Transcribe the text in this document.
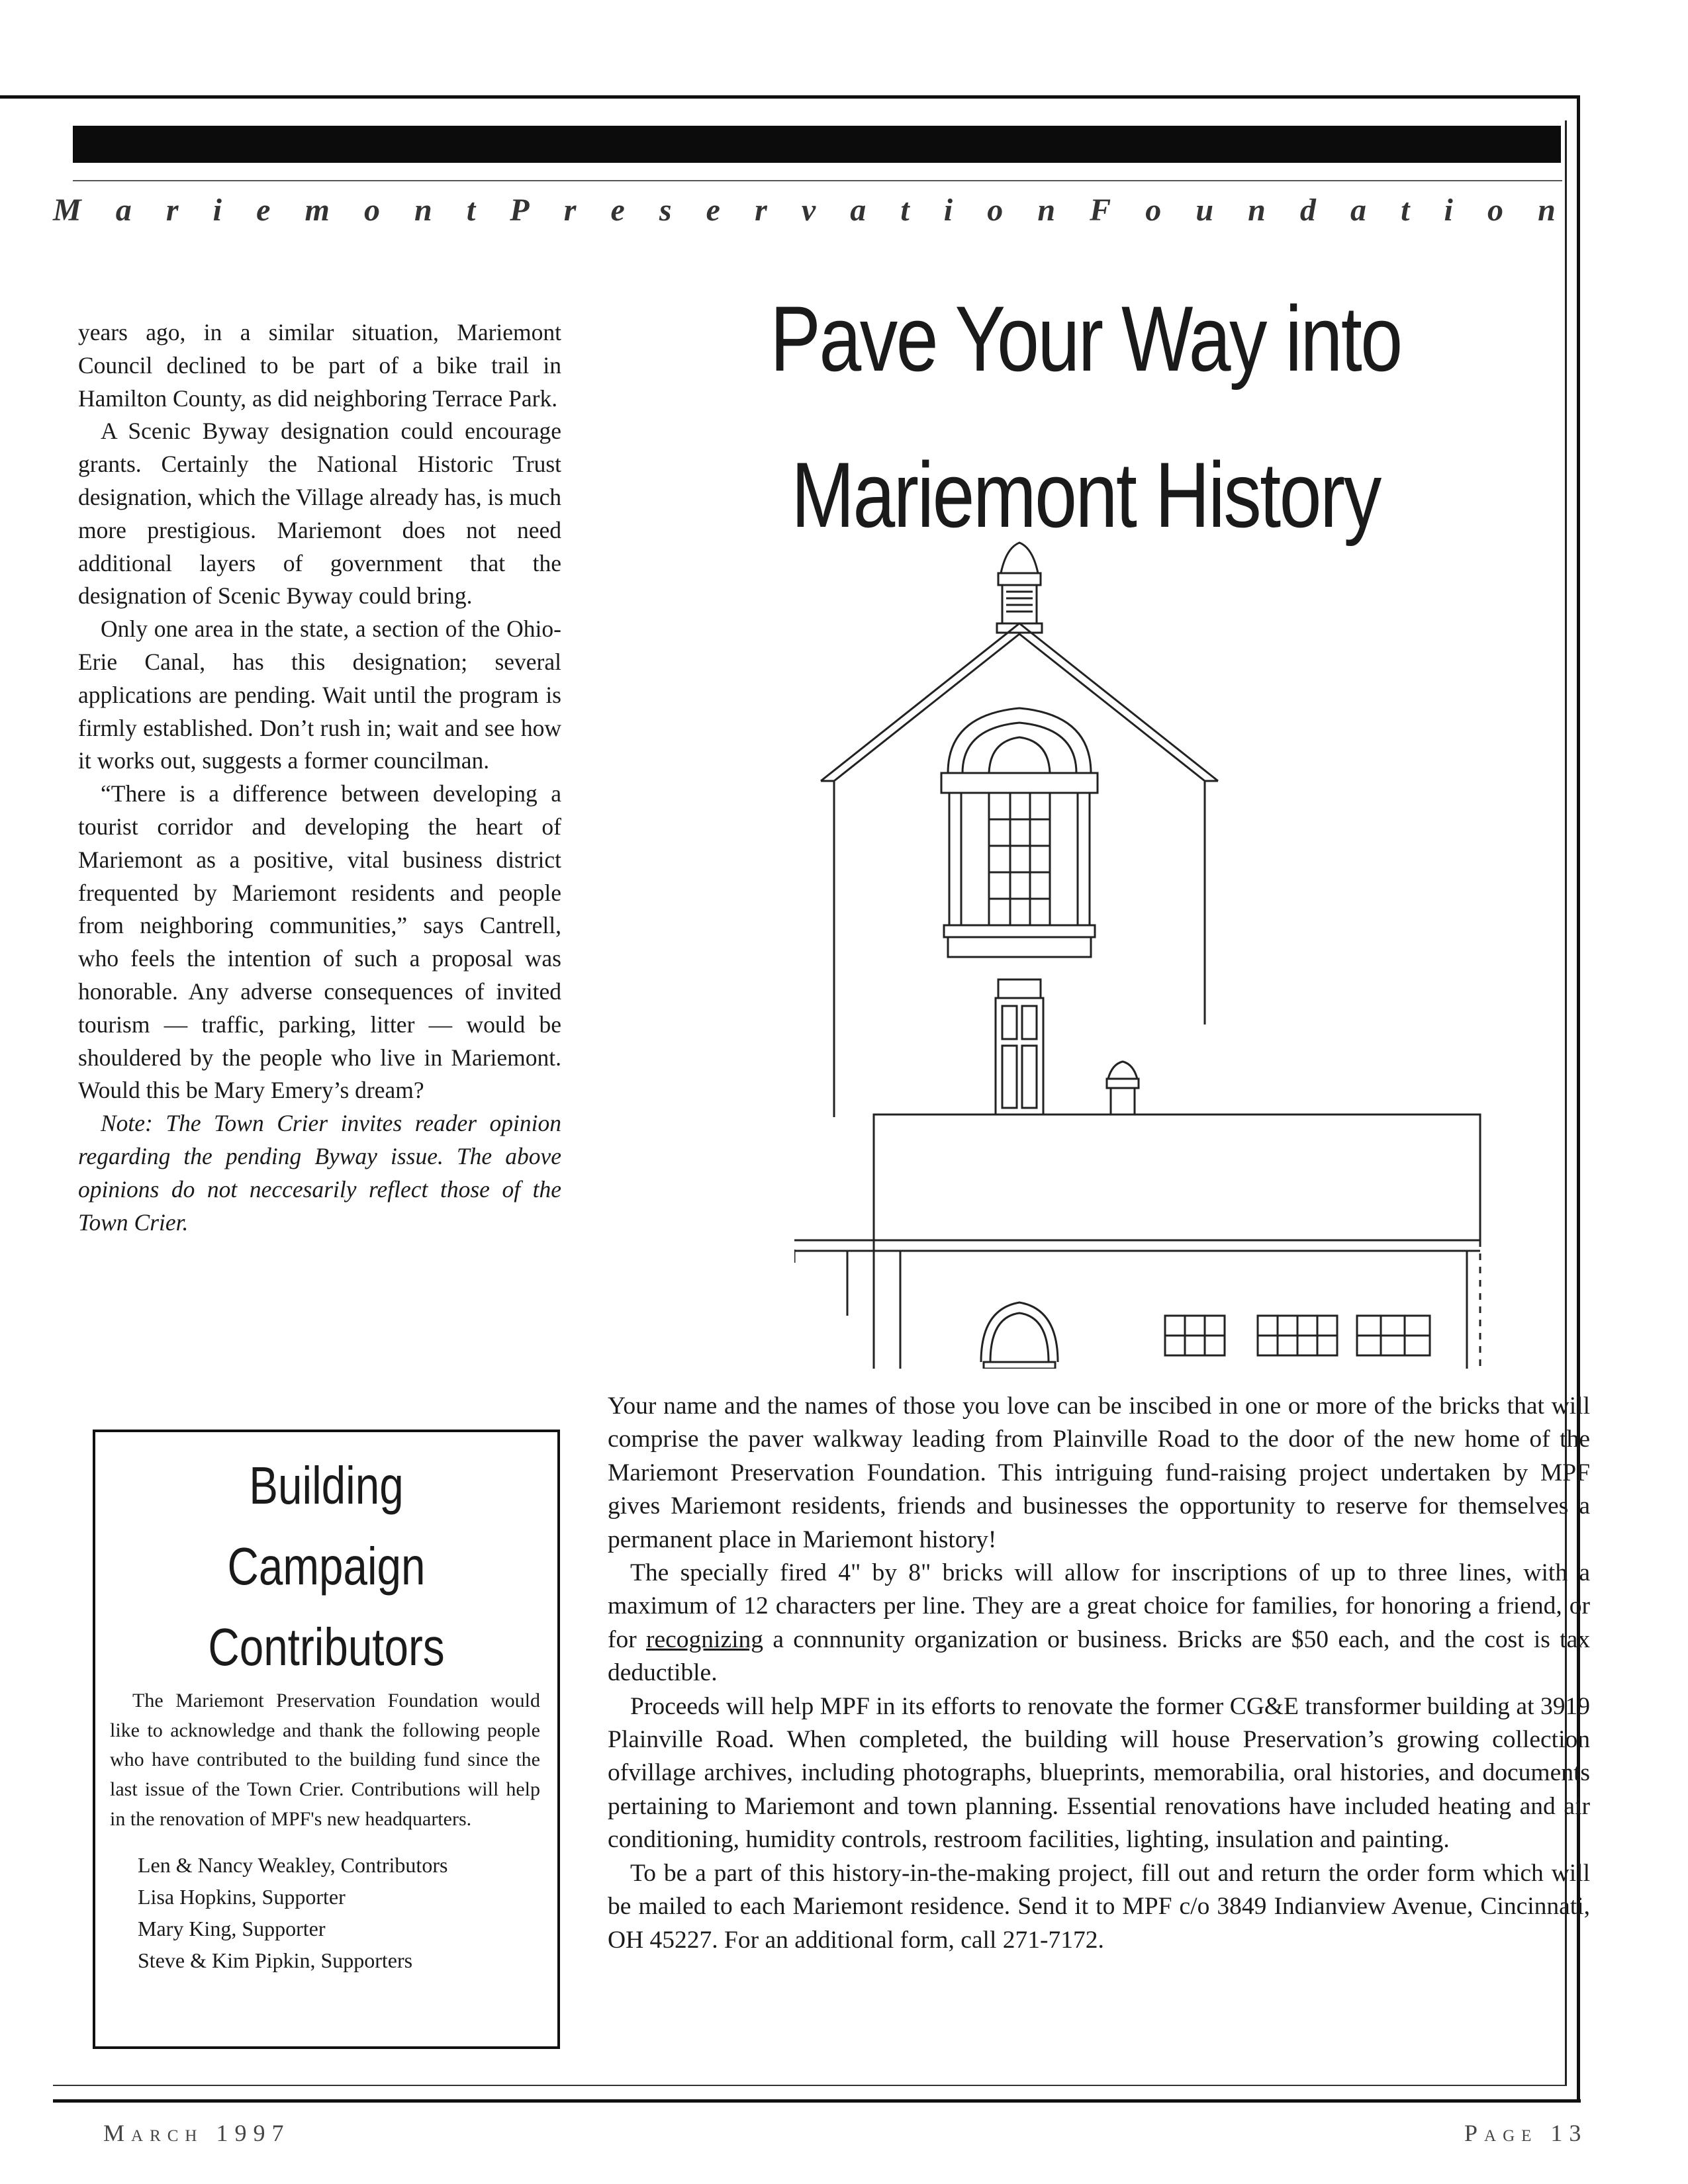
M a r i e m o n t P r e s e r v a t i o n F o u n d a t i o n

years ago, in a similar situation, Mariemont Council declined to be part of a bike trail in Hamilton County, as did neighboring Terrace Park.

A Scenic Byway designation could encourage grants. Certainly the National Historic Trust designation, which the Village already has, is much more prestigious. Mariemont does not need additional layers of government that the designation of Scenic Byway could bring.

Only one area in the state, a section of the Ohio-Erie Canal, has this designation; several applications are pending. Wait until the program is firmly established. Don’t rush in; wait and see how it works out, suggests a former councilman.

“There is a difference between developing a tourist corridor and developing the heart of Mariemont as a positive, vital business district frequented by Mariemont residents and people from neighboring communities,” says Cantrell, who feels the intention of such a proposal was honorable. Any adverse consequences of invited tourism — traffic, parking, litter — would be shouldered by the people who live in Mariemont. Would this be Mary Emery’s dream?

Note: The Town Crier invites reader opinion regarding the pending Byway issue. The above opinions do not neccesarily reflect those of the Town Crier.

Building
Campaign
Contributors

The Mariemont Preservation Foundation would like to acknowledge and thank the following people who have contributed to the building fund since the last issue of the Town Crier. Contributions will help in the renovation of MPF's new headquarters.

Len & Nancy Weakley, Contributors
Lisa Hopkins, Supporter
Mary King, Supporter
Steve & Kim Pipkin, Supporters
Pave Your Way into
Mariemont History

Your name and the names of those you love can be inscibed in one or more of the bricks that will comprise the paver walkway leading from Plainville Road to the door of the new home of the Mariemont Preservation Foundation. This intriguing fund-raising project undertaken by MPF gives Mariemont residents, friends and businesses the opportunity to reserve for themselves a permanent place in Mariemont history!

The specially fired 4" by 8" bricks will allow for inscriptions of up to three lines, with a maximum of 12 characters per line. They are a great choice for families, for honoring a friend, or for recognizing a connnunity organization or business. Bricks are $50 each, and the cost is tax deductible.

Proceeds will help MPF in its efforts to renovate the former CG&E transformer building at 3919 Plainville Road. When completed, the building will house Preservation’s growing collection ofvillage archives, including photographs, blueprints, memorabilia, oral histories, and documents pertaining to Mariemont and town planning. Essential renovations have included heating and air conditioning, humidity controls, restroom facilities, lighting, insulation and painting.

To be a part of this history-in-the-making project, fill out and return the order form which will be mailed to each Mariemont residence. Send it to MPF c/o 3849 Indianview Avenue, Cincinnati, OH 45227. For an additional form, call 271-7172.

March 1997	Page 13
